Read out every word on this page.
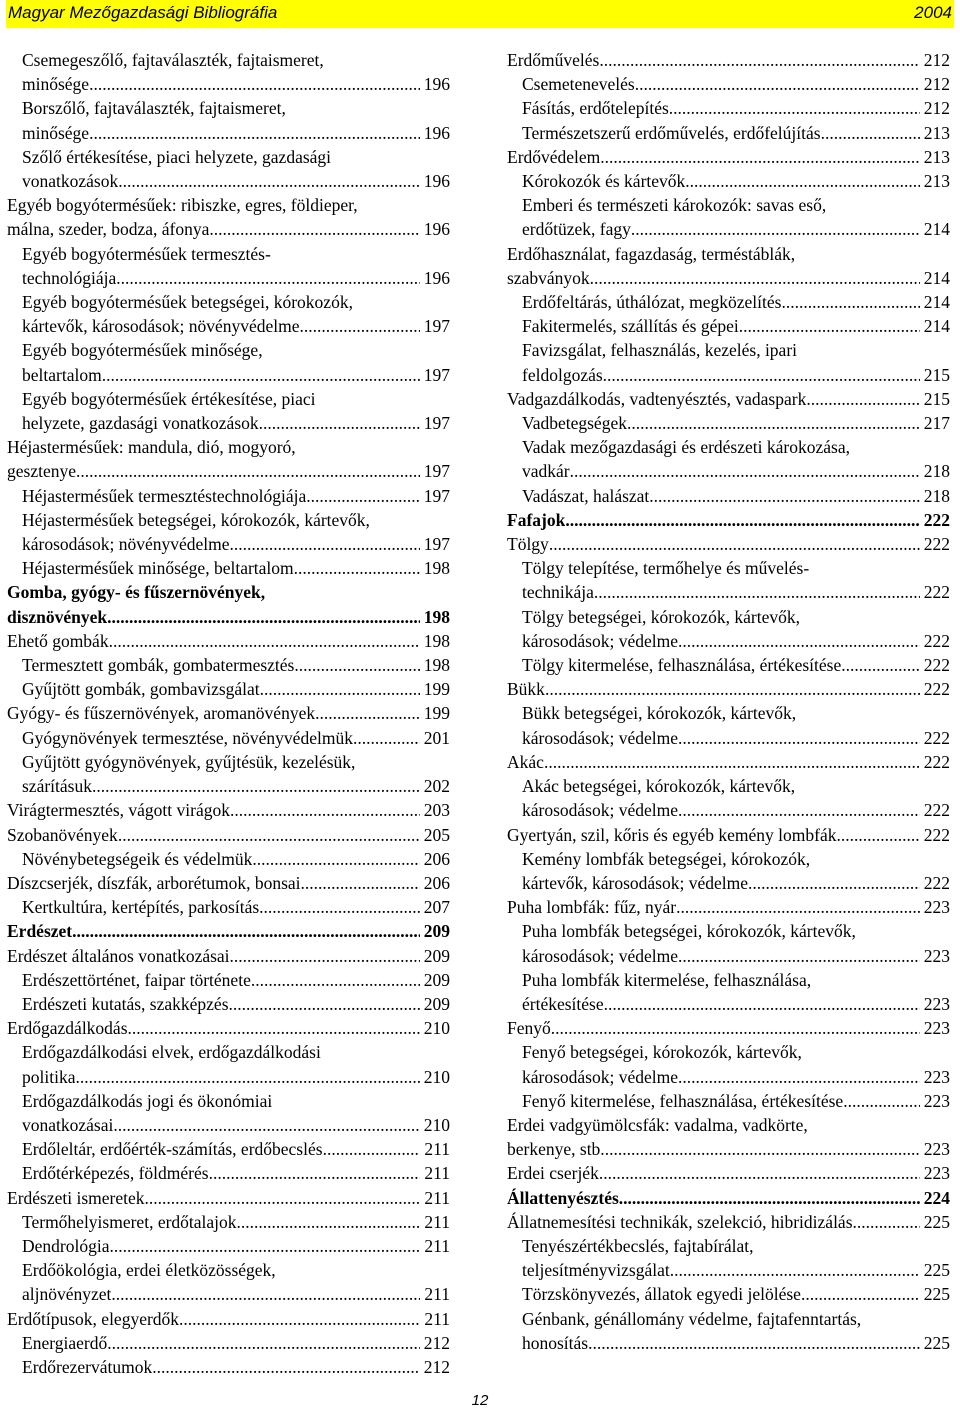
Magyar Mezőgazdasági Bibliográfia	2004
Csemegeszőlő, fajtaválaszték, fajtaismeret,
minősége .....	196
Borszőlő, fajtaválaszték, fajtaismeret,
minősége .....	196
Szőlő értékesítése, piaci helyzete, gazdasági
vonatkozások .....	196
Egyéb bogyótermésűek: ribiszke, egres, földieper,
málna, szeder, bodza, áfonya .....	196
Egyéb bogyótermésűek termesztés-
technológiája .....	196
Egyéb bogyótermésűek betegségei, kórokozók,
kártevők, károsodások; növényvédelme .....	197
Egyéb bogyótermésűek minősége,
beltartalom .....	197
Egyéb bogyótermésűek értékesítése, piaci
helyzete, gazdasági vonatkozások .....	197
Héjastermésűek: mandula, dió, mogyoró,
gesztenye .....	197
Héjastermésűek termesztéstechnológiája .....	197
Héjastermésűek betegségei, kórokozók, kártevők,
károsodások; növényvédelme .....	197
Héjastermésűek minősége, beltartalom .....	198
Gomba, gyógy- és fűszernövények,
disznövények .....	198
Ehető gombák .....	198
Termesztett gombák, gombatermesztés .....	198
Gyűjtött gombák, gombavizsgálat .....	199
Gyógy- és fűszernövények, aromanövények .....	199
Gyógynövények termesztése, növényvédelmük .....	201
Gyűjtött gyógynövények, gyűjtésük, kezelésük,
szárításuk .....	202
Virágtermesztés, vágott virágok .....	203
Szobanövények .....	205
Növénybetegségeik és védelmük .....	206
Díszcserjék, díszfák, arborétumok, bonsai .....	206
Kertkultúra, kertépítés, parkosítás .....	207
Erdészet .....	209
Erdészet általános vonatkozásai .....	209
Erdészettörténet, faipar története .....	209
Erdészeti kutatás, szakképzés .....	209
Erdőgazdálkodás .....	210
Erdőgazdálkodási elvek, erdőgazdálkodási
politika .....	210
Erdőgazdálkodás jogi és ökonómiai
vonatkozásai .....	210
Erdőleltár, erdőérték-számítás, erdőbecslés .....	211
Erdőtérképezés, földmérés .....	211
Erdészeti ismeretek .....	211
Termőhelyismeret, erdőtalajok .....	211
Dendrológia .....	211
Erdőökológia, erdei életközösségek,
aljnövényzet .....	211
Erdőtípusok, elegyerdők .....	211
Energiaerdő .....	212
Erdőrezervátumok .....	212
Erdőművelés .....	212
Csemetenevelés .....	212
Fásítás, erdőtelepítés .....	212
Természetszerű erdőművelés, erdőfelújítás .....	213
Erdővédelem .....	213
Kórokozók és kártevők .....	213
Emberi és természeti károkozók: savas eső,
erdőtüzek, fagy .....	214
Erdőhasználat, fagazdaság, terméstáblák,
szabványok .....	214
Erdőfeltárás, úthálózat, megközelítés .....	214
Fakitermelés, szállítás és gépei .....	214
Favizsgálat, felhasználás, kezelés, ipari
feldolgozás .....	215
Vadgazdálkodás, vadtenyésztés, vadaspark .....	215
Vadbetegségek .....	217
Vadak mezőgazdasági és erdészeti károkozása,
vadkár .....	218
Vadászat, halászat .....	218
Fafajok .....	222
Tölgy .....	222
Tölgy telepítése, termőhelye és művelés-
technikája .....	222
Tölgy betegségei, kórokozók, kártevők,
károsodások; védelme .....	222
Tölgy kitermelése, felhasználása, értékesítése .....	222
Bükk .....	222
Bükk betegségei, kórokozók, kártevők,
károsodások; védelme .....	222
Akác .....	222
Akác betegségei, kórokozók, kártevők,
károsodások; védelme .....	222
Gyertyán, szil, kőris és egyéb kemény lombfák .....	222
Kemény lombfák betegségei, kórokozók,
kártevők, károsodások; védelme .....	222
Puha lombfák: fűz, nyár .....	223
Puha lombfák betegségei, kórokozók, kártevők,
károsodások; védelme .....	223
Puha lombfák kitermelése, felhasználása,
értékesítése .....	223
Fenyő .....	223
Fenyő betegségei, kórokozók, kártevők,
károsodások; védelme .....	223
Fenyő kitermelése, felhasználása, értékesítése .....	223
Erdei vadgyümölcsfák: vadalma, vadkörte,
berkenye, stb. .....	223
Erdei cserjék .....	223
Állattenyésztés .....	224
Állatnemesítési technikák, szelekció, hibridizálás .....	225
Tenyészértékbecslés, fajtabírálat,
teljesítményvizsgálat .....	225
Törzskönyvezés, állatok egyedi jelölése .....	225
Génbank, génállomány védelme, fajtafenntartás,
honosítás .....	225
12
